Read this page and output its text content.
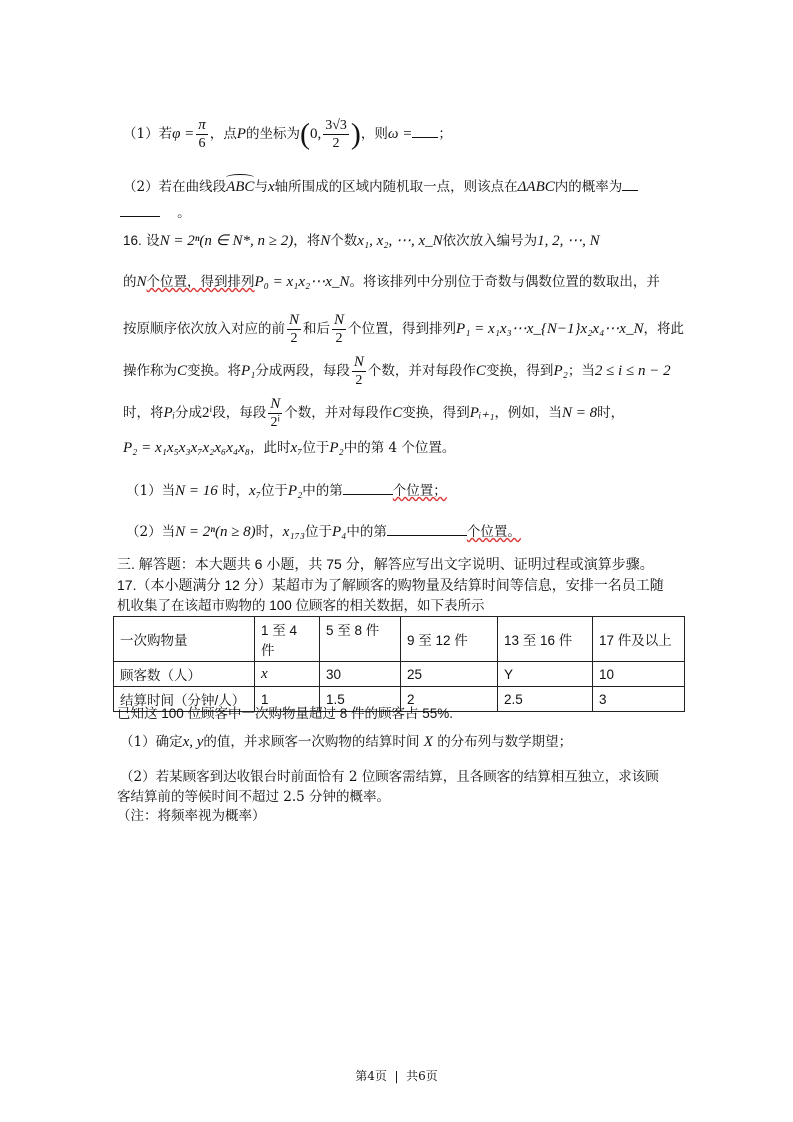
（1）若$\varphi = \frac{\pi}{6}$ ，点P的坐标为(0, $\frac{3√3}{2}$ )，则ω = ；
（2）若在曲线段ABC与x轴所围成的区域内随机取一点，则该点在ΔABC内的概率为
。
16. 设N = 2ⁿ(n ∈ N*, n ≥ 2)，将N个数x₁, x₂, ⋯, x_N依次放入编号为1, 2, ⋯, N
的N个位置，得到排列P₀ = x₁x₂⋯x_N。将该排列中分别位于奇数与偶数位置的数取出，并
按原顺序依次放入对应的前 $\frac{N}{2}$ 和后 $\frac{N}{2}$ 个位置，得到排列P₁ = x₁x₃⋯x_{N−1}x₂x₄⋯x_N，将此
操作称为C变换。将P₁分成两段，每段 $\frac{N}{2}$ 个数，并对每段作C变换，得到P₂；当2 ≤ i ≤ n − 2
时，将Pᵢ分成2ⁱ段，每段 $\frac{N}{\text{2ⁱ}}$ 个数，并对每段作C变换，得到Pᵢ₊₁，例如，当N = 8时，
P₂ = x₁x₅x₃x₇x₂x₆x₄x₈，此时x₇位于P₂中的第 4 个位置。
（1）当N = 16 时，x₇位于P₂中的第	个位置；
（2）当N = 2ⁿ(n ≥ 8)时，x₁₇₃位于P₄中的第	个位置。
三. 解答题：本大题共 6 小题，共 75 分，解答应写出文字说明、证明过程或演算步骤。
17.（本小题满分 12 分）某超市为了解顾客的购物量及结算时间等信息，安排一名员工随
机收集了在该超市购物的 100 位顾客的相关数据，如下表所示
一次购物量	1 至 4 件	5 至 8 件	9 至 12 件	13 至 16 件	17 件及以上
顾客数（人）	x	30	25	Y	10
结算时间（分钟/人）	1	1.5	2	2.5	3
已知这 100 位顾客中一次购物量超过 8 件的顾客占 55%.
（1）确定x, y的值，并求顾客一次购物的结算时间 X 的分布列与数学期望；
（2）若某顾客到达收银台时前面恰有 2 位顾客需结算，且各顾客的结算相互独立，求该顾
客结算前的等候时间不超过 2.5 分钟的概率。
（注：将频率视为概率）
第4页 | 共6页
